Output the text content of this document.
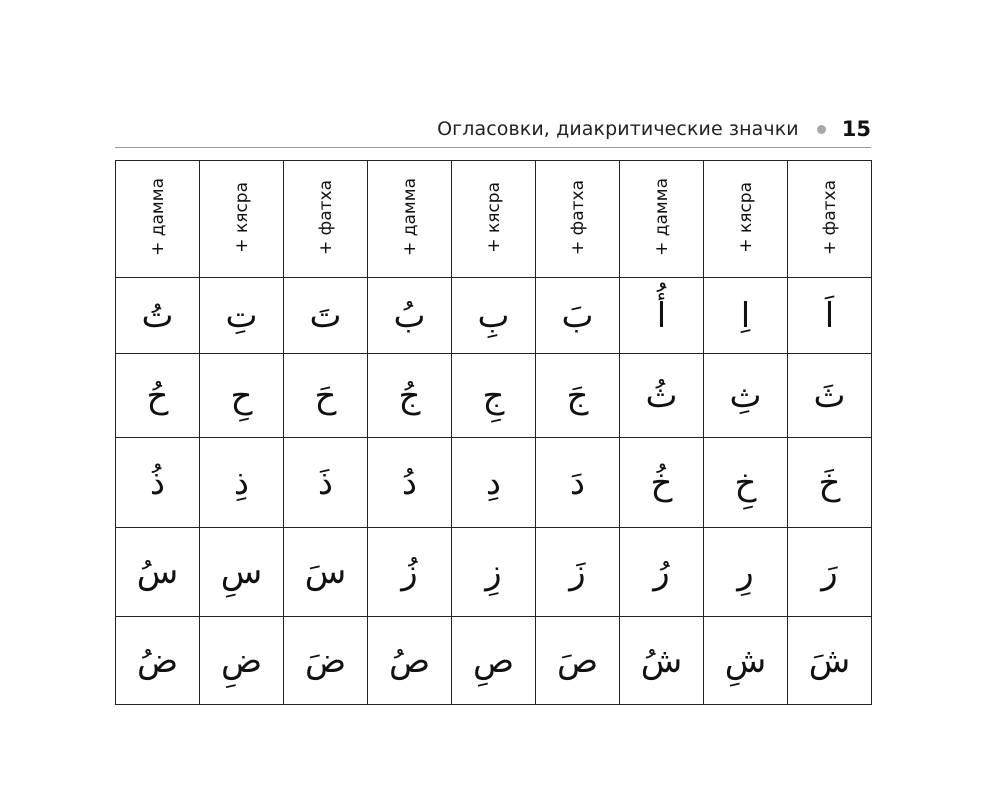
Огласовки, диакритические значки 15
+ дамма	+ кясра	+ фатха	+ дамма	+ кясра	+ фатха	+ дамма	+ кясра	+ фатха
تُ	تِ	تَ	بُ	بِ	بَ	أُ	اِ	اَ
حُ	حِ	حَ	جُ	جِ	جَ	ثُ	ثِ	ثَ
ذُ	ذِ	ذَ	دُ	دِ	دَ	خُ	خِ	خَ
سُ	سِ	سَ	زُ	زِ	زَ	رُ	رِ	رَ
ضُ	ضِ	ضَ	صُ	صِ	صَ	شُ	شِ	شَ
